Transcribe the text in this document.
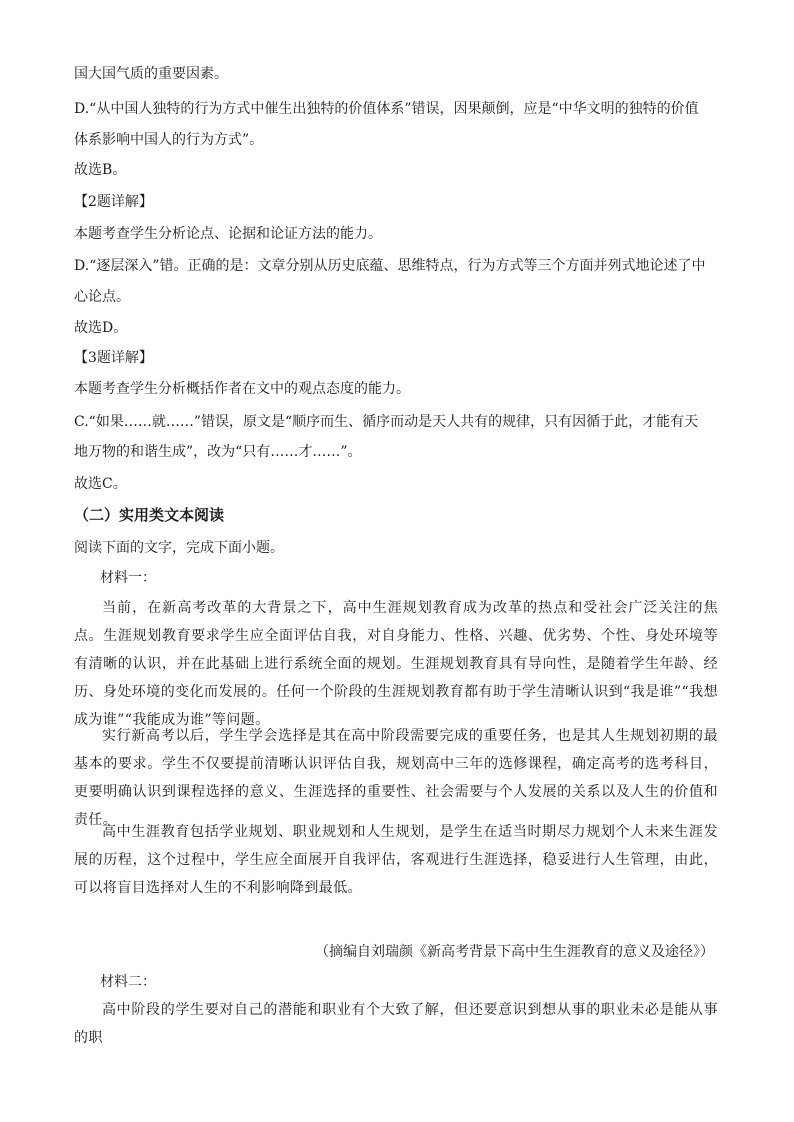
国大国气质的重要因素。
D.“从中国人独特的行为方式中催生出独特的价值体系”错误，因果颠倒，应是“中华文明的独特的价值
体系影响中国人的行为方式”。
故选B。
【2题详解】
本题考查学生分析论点、论据和论证方法的能力。
D.“逐层深入”错。正确的是：文章分别从历史底蕴、思维特点，行为方式等三个方面并列式地论述了中
心论点。
故选D。
【3题详解】
本题考查学生分析概括作者在文中的观点态度的能力。
C.“如果……就……”错误，原文是“顺序而生、循序而动是天人共有的规律，只有因循于此，才能有天
地万物的和谐生成”，改为“只有……才……”。
故选C。
（二）实用类文本阅读
阅读下面的文字，完成下面小题。
材料一：
当前，在新高考改革的大背景之下，高中生涯规划教育成为改革的热点和受社会广泛关注的焦点。生涯规划教育要求学生应全面评估自我，对自身能力、性格、兴趣、优劣势、个性、身处环境等有清晰的认识，并在此基础上进行系统全面的规划。生涯规划教育具有导向性，是随着学生年龄、经历、身处环境的变化而发展的。任何一个阶段的生涯规划教育都有助于学生清晰认识到“我是谁”“我想成为谁”“我能成为谁”等问题。
实行新高考以后，学生学会选择是其在高中阶段需要完成的重要任务，也是其人生规划初期的最基本的要求。学生不仅要提前清晰认识评估自我，规划高中三年的选修课程，确定高考的选考科目，更要明确认识到课程选择的意义、生涯选择的重要性、社会需要与个人发展的关系以及人生的价值和责任。
高中生涯教育包括学业规划、职业规划和人生规划，是学生在适当时期尽力规划个人未来生涯发展的历程，这个过程中，学生应全面展开自我评估，客观进行生涯选择，稳妥进行人生管理，由此，可以将盲目选择对人生的不利影响降到最低。
（摘编自刘瑞颜《新高考背景下高中生生涯教育的意义及途径》）
材料二：
高中阶段的学生要对自己的潜能和职业有个大致了解，但还要意识到想从事的职业未必是能从事的职
